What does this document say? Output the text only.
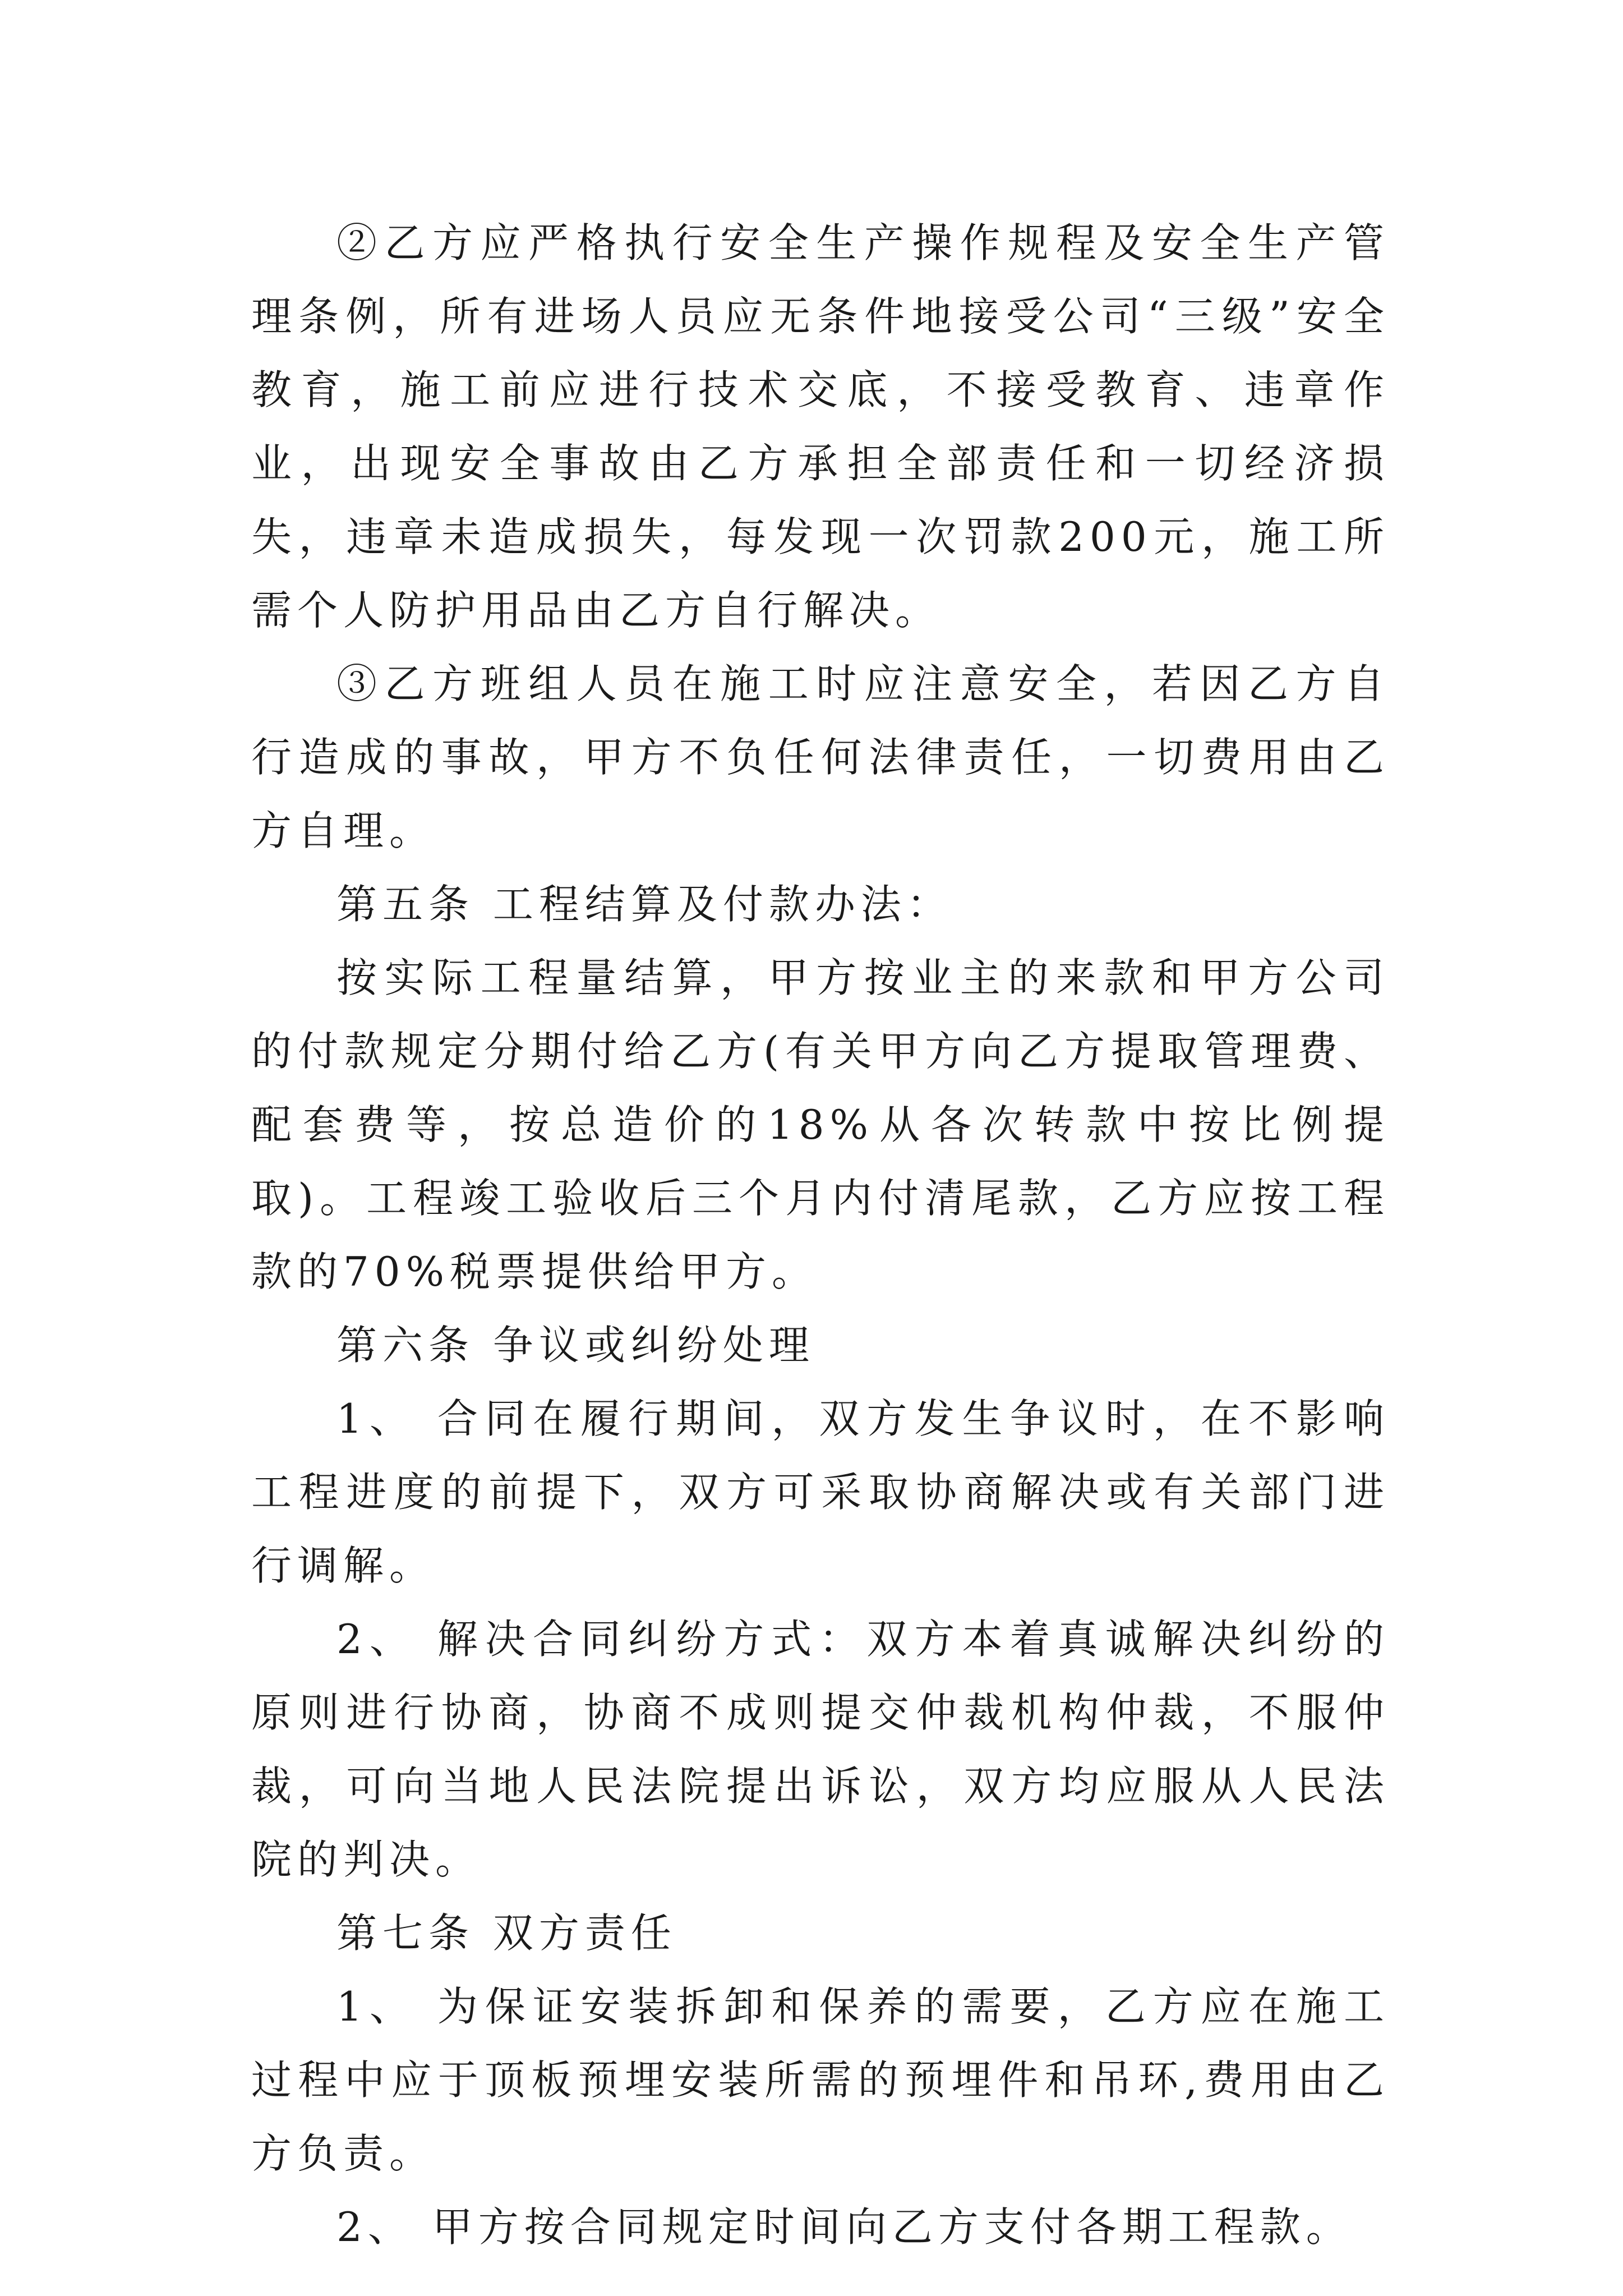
②乙方应严格执行安全生产操作规程及安全生产管理条例，所有进场人员应无条件地接受公司“三级”安全教育，施工前应进行技术交底，不接受教育、违章作业，出现安全事故由乙方承担全部责任和一切经济损失，违章未造成损失，每发现一次罚款200元，施工所需个人防护用品由乙方自行解决。

③乙方班组人员在施工时应注意安全，若因乙方自行造成的事故，甲方不负任何法律责任，一切费用由乙方自理。

第五条 工程结算及付款办法：

按实际工程量结算，甲方按业主的来款和甲方公司的付款规定分期付给乙方(有关甲方向乙方提取管理费、配套费等，按总造价的18%从各次转款中按比例提取)。工程竣工验收后三个月内付清尾款，乙方应按工程款的70%税票提供给甲方。

第六条 争议或纠纷处理

1、 合同在履行期间，双方发生争议时，在不影响工程进度的前提下，双方可采取协商解决或有关部门进行调解。

2、 解决合同纠纷方式：双方本着真诚解决纠纷的原则进行协商，协商不成则提交仲裁机构仲裁，不服仲裁，可向当地人民法院提出诉讼，双方均应服从人民法院的判决。

第七条 双方责任

1、 为保证安装拆卸和保养的需要，乙方应在施工过程中应于顶板预埋安装所需的预埋件和吊环,费用由乙方负责。

2、 甲方按合同规定时间向乙方支付各期工程款。
